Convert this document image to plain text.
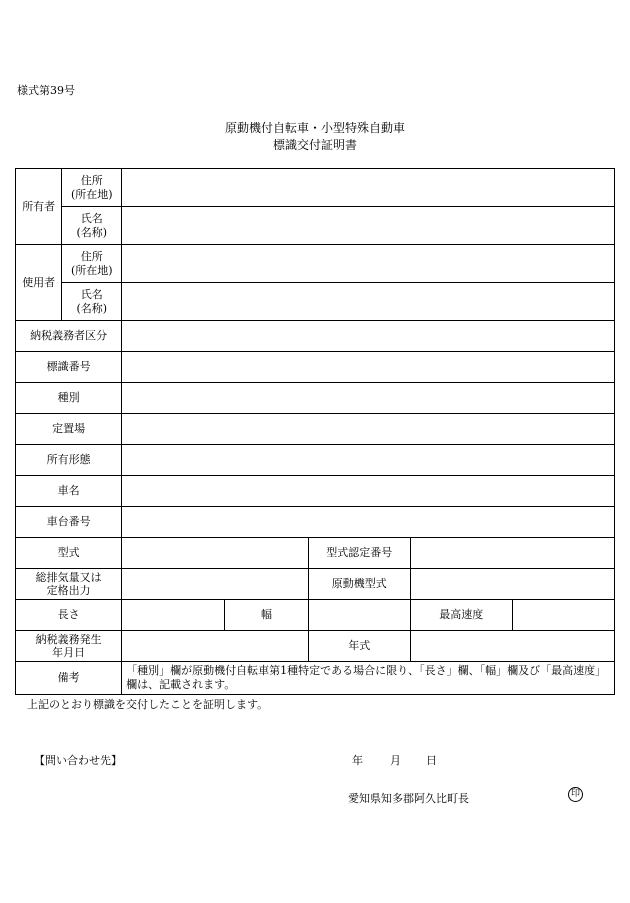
様式第39号
原動機付自転車・小型特殊自動車
標識交付証明書
所有者	住所
(所在地)					
	氏名
(名称)					
使用者	住所
(所在地)					
	氏名
(名称)					
納税義務者区分						
標識番号						
種別						
定置場						
所有形態						
車名						
車台番号						
型式				型式認定番号		
総排気量又は
定格出力				原動機型式		
長さ			幅		最高速度	
納税義務発生
年月日				年式		
備考		「種別」欄が原動機付自転車第1種特定である場合に限り、「長さ」欄、「幅」欄及び「最高速度」欄は、記載されます。				
上記のとおり標識を交付したことを証明します。
【問い合わせ先】	年 月 日
愛知県知多郡阿久比町長	印
